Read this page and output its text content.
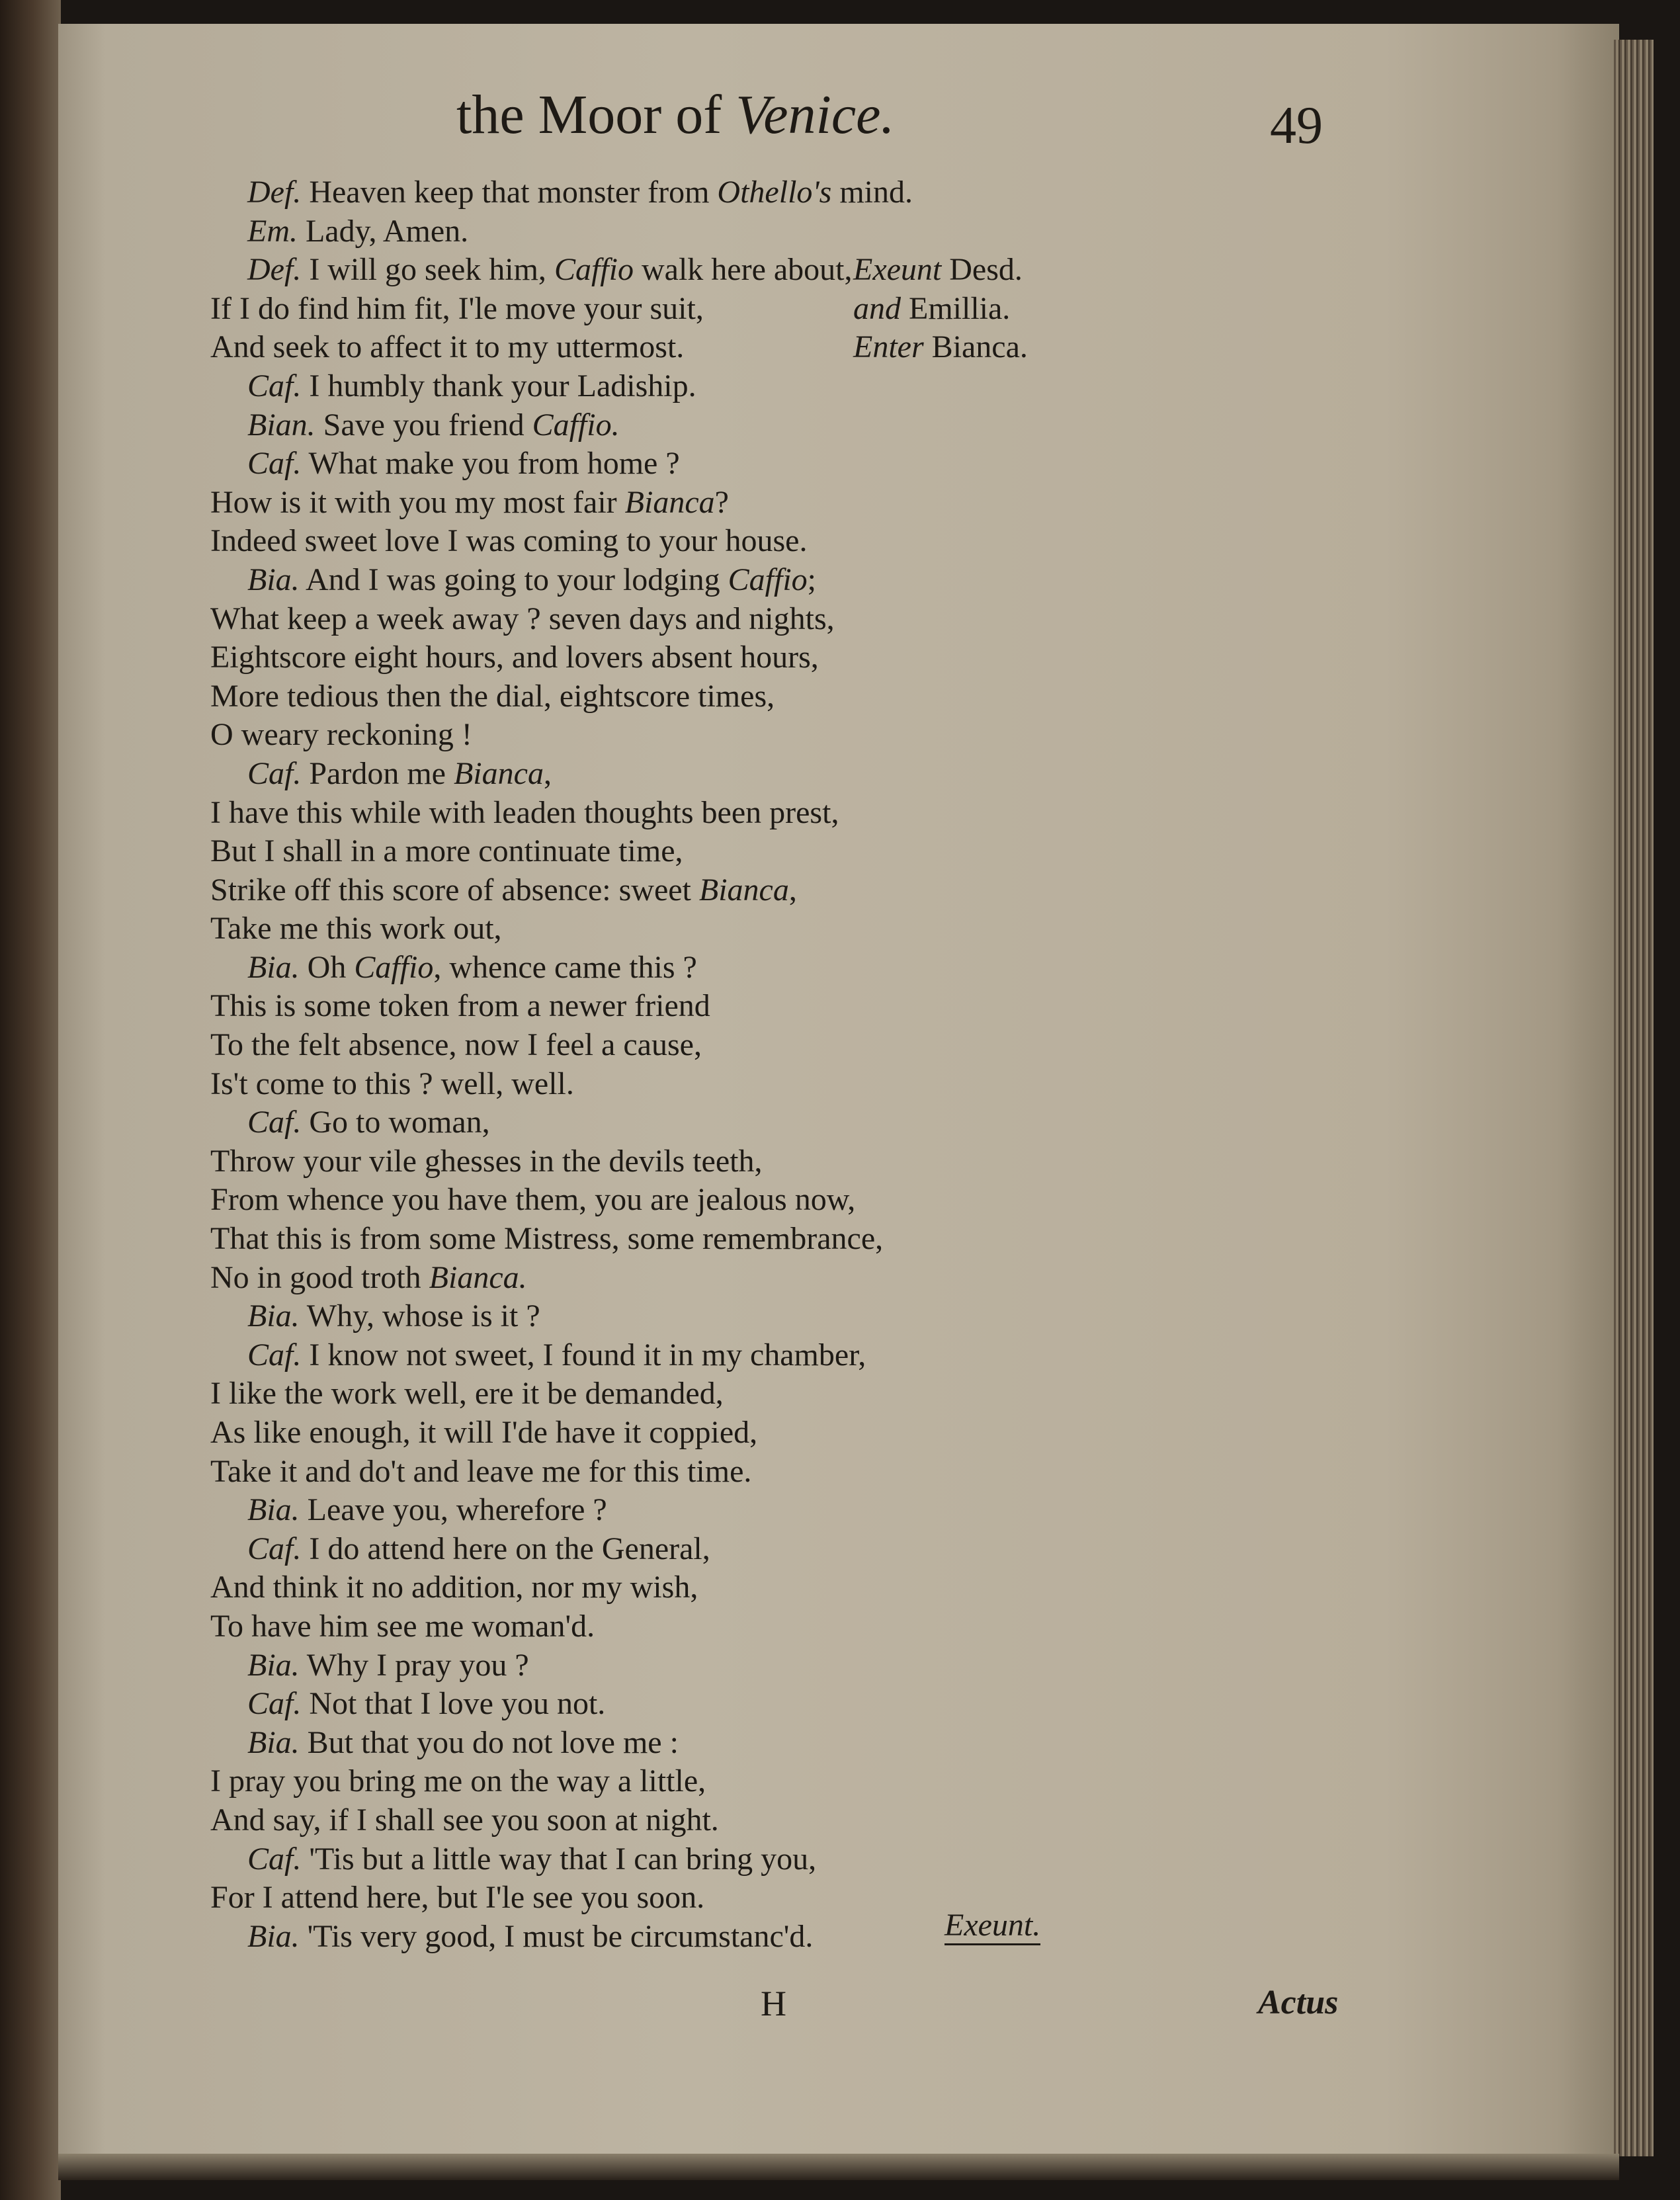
the Moor of Venice.	49
Def. Heaven keep that monster from Othello's mind.
Em. Lady, Amen.
Def. I will go seek him, Caffio walk here about,
If I do find him fit, I'le move your suit,
And seek to affect it to my uttermost.
Caf. I humbly thank your Ladiship.
Bian. Save you friend Caffio.
Caf. What make you from home ?
How is it with you my most fair Bianca?
Indeed sweet love I was coming to your house.
Bia. And I was going to your lodging Caffio;
What keep a week away ? seven days and nights,
Eightscore eight hours, and lovers absent hours,
More tedious then the dial, eightscore times,
O weary reckoning !
Caf. Pardon me Bianca,
I have this while with leaden thoughts been prest,
But I shall in a more continuate time,
Strike off this score of absence: sweet Bianca,
Take me this work out,
Bia. Oh Caffio, whence came this ?
This is some token from a newer friend
To the felt absence, now I feel a cause,
Is't come to this ? well, well.
Caf. Go to woman,
Throw your vile ghesses in the devils teeth,
From whence you have them, you are jealous now,
That this is from some Mistress, some remembrance,
No in good troth Bianca.
Bia. Why, whose is it ?
Caf. I know not sweet, I found it in my chamber,
I like the work well, ere it be demanded,
As like enough, it will I'de have it coppied,
Take it and do't and leave me for this time.
Bia. Leave you, wherefore ?
Caf. I do attend here on the General,
And think it no addition, nor my wish,
To have him see me woman'd.
Bia. Why I pray you ?
Caf. Not that I love you not.
Bia. But that you do not love me :
I pray you bring me on the way a little,
And say, if I shall see you soon at night.
Caf. 'Tis but a little way that I can bring you,
For I attend here, but I'le see you soon.
Bia. 'Tis very good, I must be circumstanc'd.
Exeunt Desd.
and Emillia.
Enter Bianca.
Exeunt.
H	Actus
